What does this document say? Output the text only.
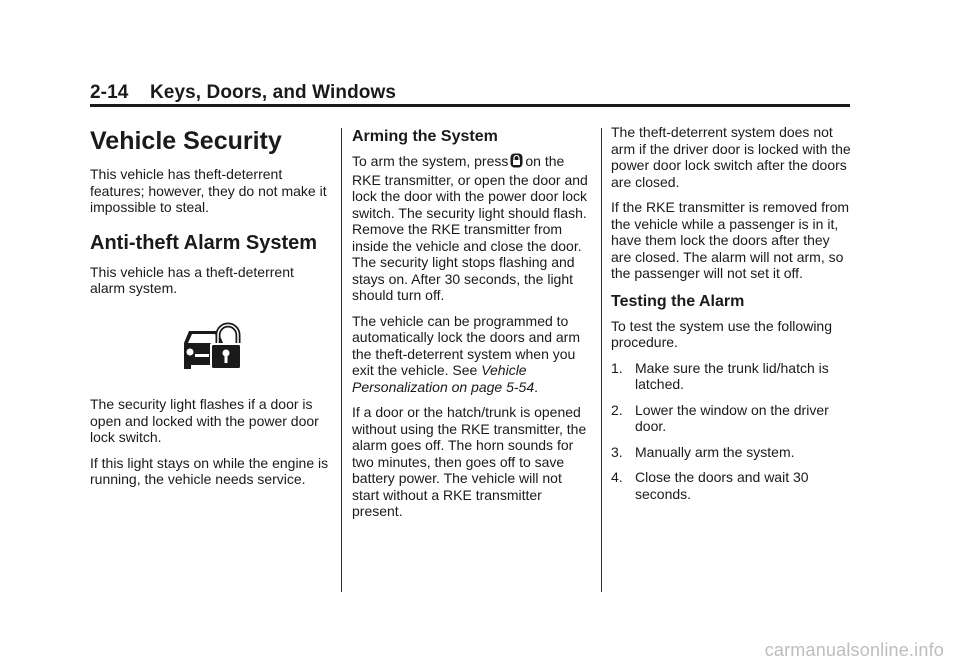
2-14 Keys, Doors, and Windows
Vehicle Security

This vehicle has theft-deterrent features; however, they do not make it impossible to steal.

Anti-theft Alarm System

This vehicle has a theft-deterrent alarm system.

The security light flashes if a door is open and locked with the power door lock switch.

If this light stays on while the engine is running, the vehicle needs service.

Arming the System

To arm the system, press on the RKE transmitter, or open the door and lock the door with the power door lock switch. The security light should flash. Remove the RKE transmitter from inside the vehicle and close the door. The security light stops flashing and stays on. After 30 seconds, the light should turn off.

The vehicle can be programmed to automatically lock the doors and arm the theft-deterrent system when you exit the vehicle. See Vehicle Personalization on page 5‑54.

If a door or the hatch/trunk is opened without using the RKE transmitter, the alarm goes off. The horn sounds for two minutes, then goes off to save battery power. The vehicle will not start without a RKE transmitter present.

The theft-deterrent system does not arm if the driver door is locked with the power door lock switch after the doors are closed.

If the RKE transmitter is removed from the vehicle while a passenger is in it, have them lock the doors after they are closed. The alarm will not arm, so the passenger will not set it off.

Testing the Alarm

To test the system use the following procedure.

1. Make sure the trunk lid/hatch is latched.
2. Lower the window on the driver door.
3. Manually arm the system.
4. Close the doors and wait 30 seconds.
carmanualsonline.info
